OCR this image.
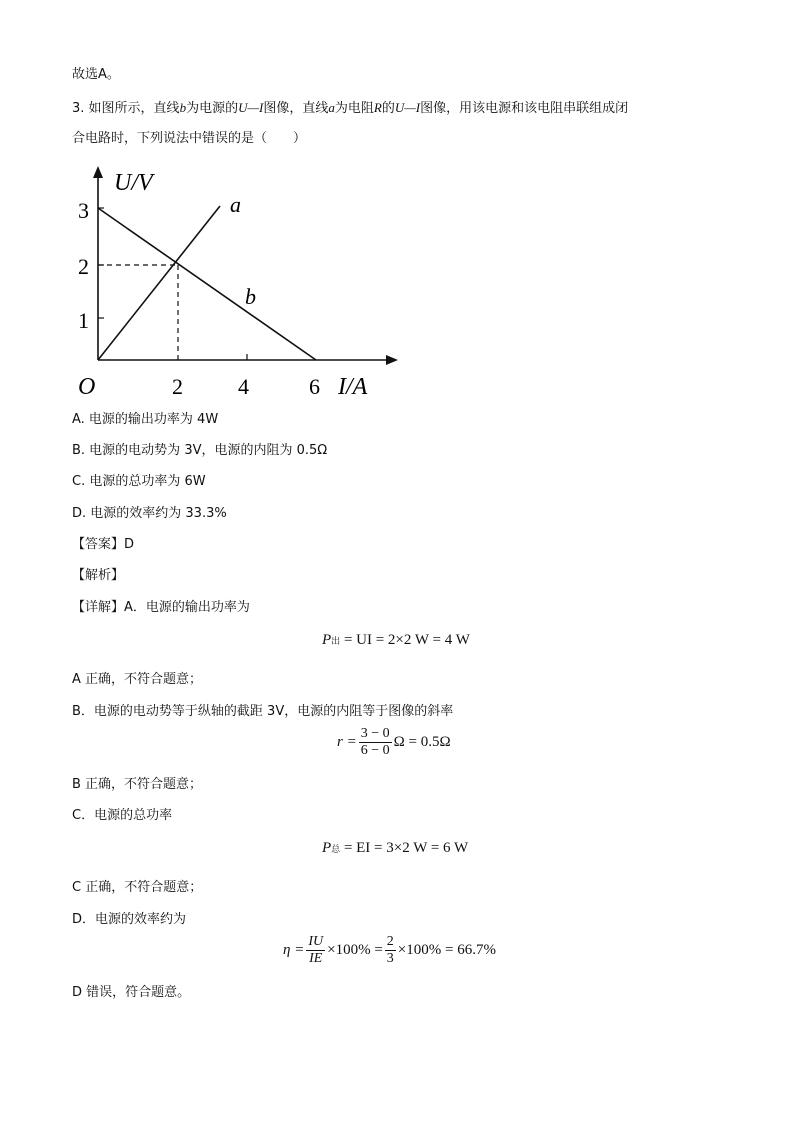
故选A。
3. 如图所示，直线b为电源的U—I图像，直线a为电阻R的U—I图像，用该电源和该电阻串联组成闭
合电路时，下列说法中错误的是（　　）
U/V
I/A
O
3
2
1
2	4	6
a
b
A. 电源的输出功率为 4W
B. 电源的电动势为 3V，电源的内阻为 0.5Ω
C. 电源的总功率为 6W
D. 电源的效率约为 33.3%
【答案】D
【解析】
【详解】A．电源的输出功率为
P 出
= UI = 2×2 W = 4 W
A 正确，不符合题意；
B．电源的电动势等于纵轴的截距 3V，电源的内阻等于图像的斜率
$r = \frac{3 - 0}{6 - 0}$ Ω = 0.5Ω
B 正确，不符合题意；
C．电源的总功率
P 总
= EI = 3×2 W = 6 W
C 正确，不符合题意；
D．电源的效率约为
$\eta = \frac{IU}{IE} \times 100\% = \frac{2}{3} \times 100\% = 66.7\%$
D 错误，符合题意。
